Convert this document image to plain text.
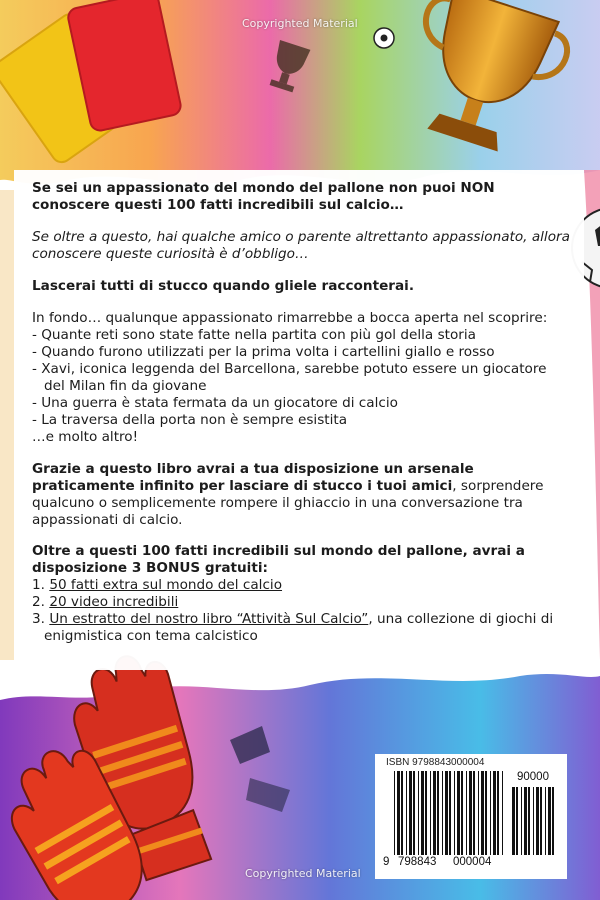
Copyrighted Material
Copyrighted Material

Se sei un appassionato del mondo del pallone non puoi NON conoscere questi 100 fatti incredibili sul calcio…

Se oltre a questo, hai qualche amico o parente altrettanto appassionato, allora conoscere queste curiosità è d’obbligo…

Lascerai tutti di stucco quando gliele racconterai.

In fondo… qualunque appassionato rimarrebbe a bocca aperta nel scoprire:

- Quante reti sono state fatte nella partita con più gol della storia
- Quando furono utilizzati per la prima volta i cartellini giallo e rosso
- Xavi, iconica leggenda del Barcellona, sarebbe potuto essere un giocatore
del Milan fin da giovane
- Una guerra è stata fermata da un giocatore di calcio
- La traversa della porta non è sempre esistita
…e molto altro!

Grazie a questo libro avrai a tua disposizione un arsenale praticamente infinito per lasciare di stucco i tuoi amici, sorprendere qualcuno o semplicemente rompere il ghiaccio in una conversazione tra appassionati di calcio.

Oltre a questi 100 fatti incredibili sul mondo del pallone, avrai a disposizione 3 BONUS gratuiti:

1. 50 fatti extra sul mondo del calcio
2. 20 video incredibili
3. Un estratto del nostro libro “Attività Sul Calcio”, una collezione di giochi di
enigmistica con tema calcistico
ISBN 9798843000004
90000
9 798843 000004
